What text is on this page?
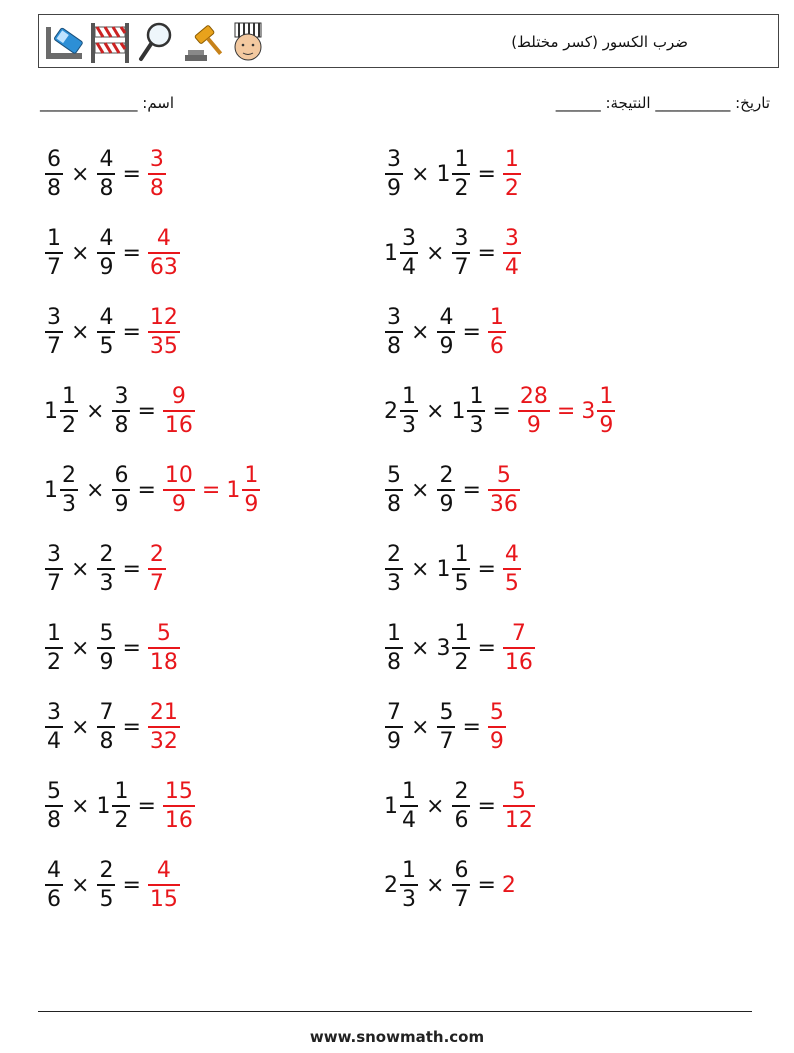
ضرب الكسور (كسر مختلط)
اسم: _____________	______ :تاريخ: __________ النتيجة
$\frac{6}{8} \times \frac{4}{8} = \frac{3}{8}$	$\frac{3}{9} \times 1 \frac{1}{2} = \frac{1}{2}$
$\frac{1}{7} \times \frac{4}{9} = \frac{4}{63}$	$1 \frac{3}{4} \times \frac{3}{7} = \frac{3}{4}$
$\frac{3}{7} \times \frac{4}{5} = \frac{12}{35}$	$\frac{3}{8} \times \frac{4}{9} = \frac{1}{6}$
$1 \frac{1}{2} \times \frac{3}{8} = \frac{9}{16}$	$2 \frac{1}{3} \times 1 \frac{1}{3} = \frac{28}{9} = 3 \frac{1}{9}$
$1 \frac{2}{3} \times \frac{6}{9} = \frac{10}{9} = 1 \frac{1}{9}$	$\frac{5}{8} \times \frac{2}{9} = \frac{5}{36}$
$\frac{3}{7} \times \frac{2}{3} = \frac{2}{7}$	$\frac{2}{3} \times 1 \frac{1}{5} = \frac{4}{5}$
$\frac{1}{2} \times \frac{5}{9} = \frac{5}{18}$	$\frac{1}{8} \times 3 \frac{1}{2} = \frac{7}{16}$
$\frac{3}{4} \times \frac{7}{8} = \frac{21}{32}$	$\frac{7}{9} \times \frac{5}{7} = \frac{5}{9}$
$\frac{5}{8} \times 1 \frac{1}{2} = \frac{15}{16}$	$1 \frac{1}{4} \times \frac{2}{6} = \frac{5}{12}$
$\frac{4}{6} \times \frac{2}{5} = \frac{4}{15}$	$2 \frac{1}{3} \times \frac{6}{7} = 2$
www.snowmath.com
